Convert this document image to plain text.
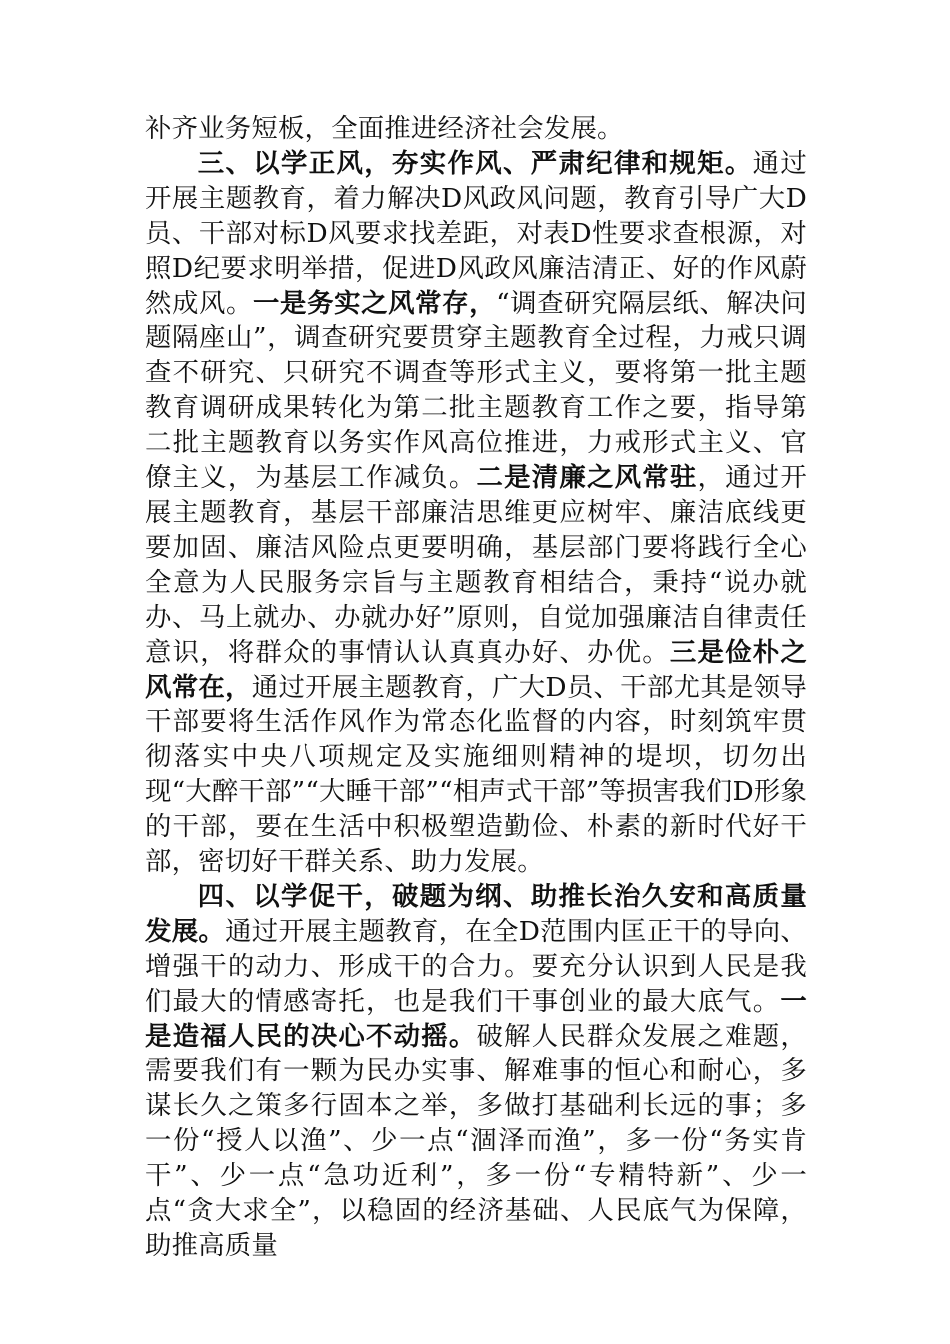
补齐业务短板，全面推进经济社会发展。

三、以学正风，夯实作风、严肃纪律和规矩。通过开展主题教育，着力解决D风政风问题，教育引导广大D员、干部对标D风要求找差距，对表D性要求查根源，对照D纪要求明举措，促进D风政风廉洁清正、好的作风蔚然成风。一是务实之风常存，“调查研究隔层纸、解决问题隔座山”，调查研究要贯穿主题教育全过程，力戒只调查不研究、只研究不调查等形式主义，要将第一批主题教育调研成果转化为第二批主题教育工作之要，指导第二批主题教育以务实作风高位推进，力戒形式主义、官僚主义，为基层工作减负。二是清廉之风常驻，通过开展主题教育，基层干部廉洁思维更应树牢、廉洁底线更要加固、廉洁风险点更要明确，基层部门要将践行全心全意为人民服务宗旨与主题教育相结合，秉持“说办就办、马上就办、办就办好”原则，自觉加强廉洁自律责任意识，将群众的事情认认真真办好、办优。三是俭朴之风常在，通过开展主题教育，广大D员、干部尤其是领导干部要将生活作风作为常态化监督的内容，时刻筑牢贯彻落实中央八项规定及实施细则精神的堤坝，切勿出现“大醉干部”“大睡干部”“相声式干部”等损害我们D形象的干部，要在生活中积极塑造勤俭、朴素的新时代好干部，密切好干群关系、助力发展。

四、以学促干，破题为纲、助推长治久安和高质量发展。通过开展主题教育，在全D范围内匡正干的导向、增强干的动力、形成干的合力。要充分认识到人民是我们最大的情感寄托，也是我们干事创业的最大底气。一是造福人民的决心不动摇。破解人民群众发展之难题，需要我们有一颗为民办实事、解难事的恒心和耐心，多谋长久之策多行固本之举，多做打基础利长远的事；多一份“授人以渔”、少一点“涸泽而渔”，多一份“务实肯干”、少一点“急功近利”，多一份“专精特新”、少一点“贪大求全”，以稳固的经济基础、人民底气为保障，助推高质量
